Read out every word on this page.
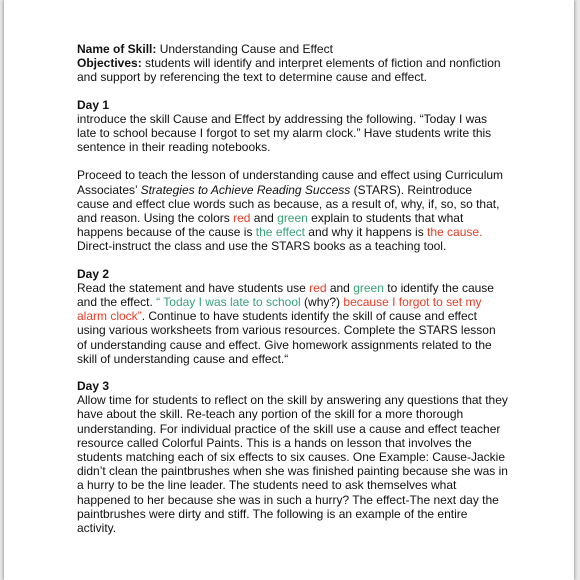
Name of Skill: Understanding Cause and Effect
Objectives: students will identify and interpret elements of fiction and nonfiction
and support by referencing the text to determine cause and effect.
Day 1
introduce the skill Cause and Effect by addressing the following. “Today I was
late to school because I forgot to set my alarm clock.” Have students write this
sentence in their reading notebooks.
Proceed to teach the lesson of understanding cause and effect using Curriculum
Associates’ Strategies to Achieve Reading Success (STARS). Reintroduce
cause and effect clue words such as because, as a result of, why, if, so, so that,
and reason. Using the colors red and green explain to students that what
happens because of the cause is the effect and why it happens is the cause.
Direct-instruct the class and use the STARS books as a teaching tool.
Day 2
Read the statement and have students use red and green to identify the cause
and the effect. “ Today I was late to school (why?) because I forgot to set my
alarm clock”. Continue to have students identify the skill of cause and effect
using various worksheets from various resources. Complete the STARS lesson
of understanding cause and effect. Give homework assignments related to the
skill of understanding cause and effect.“
Day 3
Allow time for students to reflect on the skill by answering any questions that they
have about the skill. Re-teach any portion of the skill for a more thorough
understanding. For individual practice of the skill use a cause and effect teacher
resource called Colorful Paints. This is a hands on lesson that involves the
students matching each of six effects to six causes. One Example: Cause-Jackie
didn’t clean the paintbrushes when she was finished painting because she was in
a hurry to be the line leader. The students need to ask themselves what
happened to her because she was in such a hurry? The effect-The next day the
paintbrushes were dirty and stiff. The following is an example of the entire
activity.
